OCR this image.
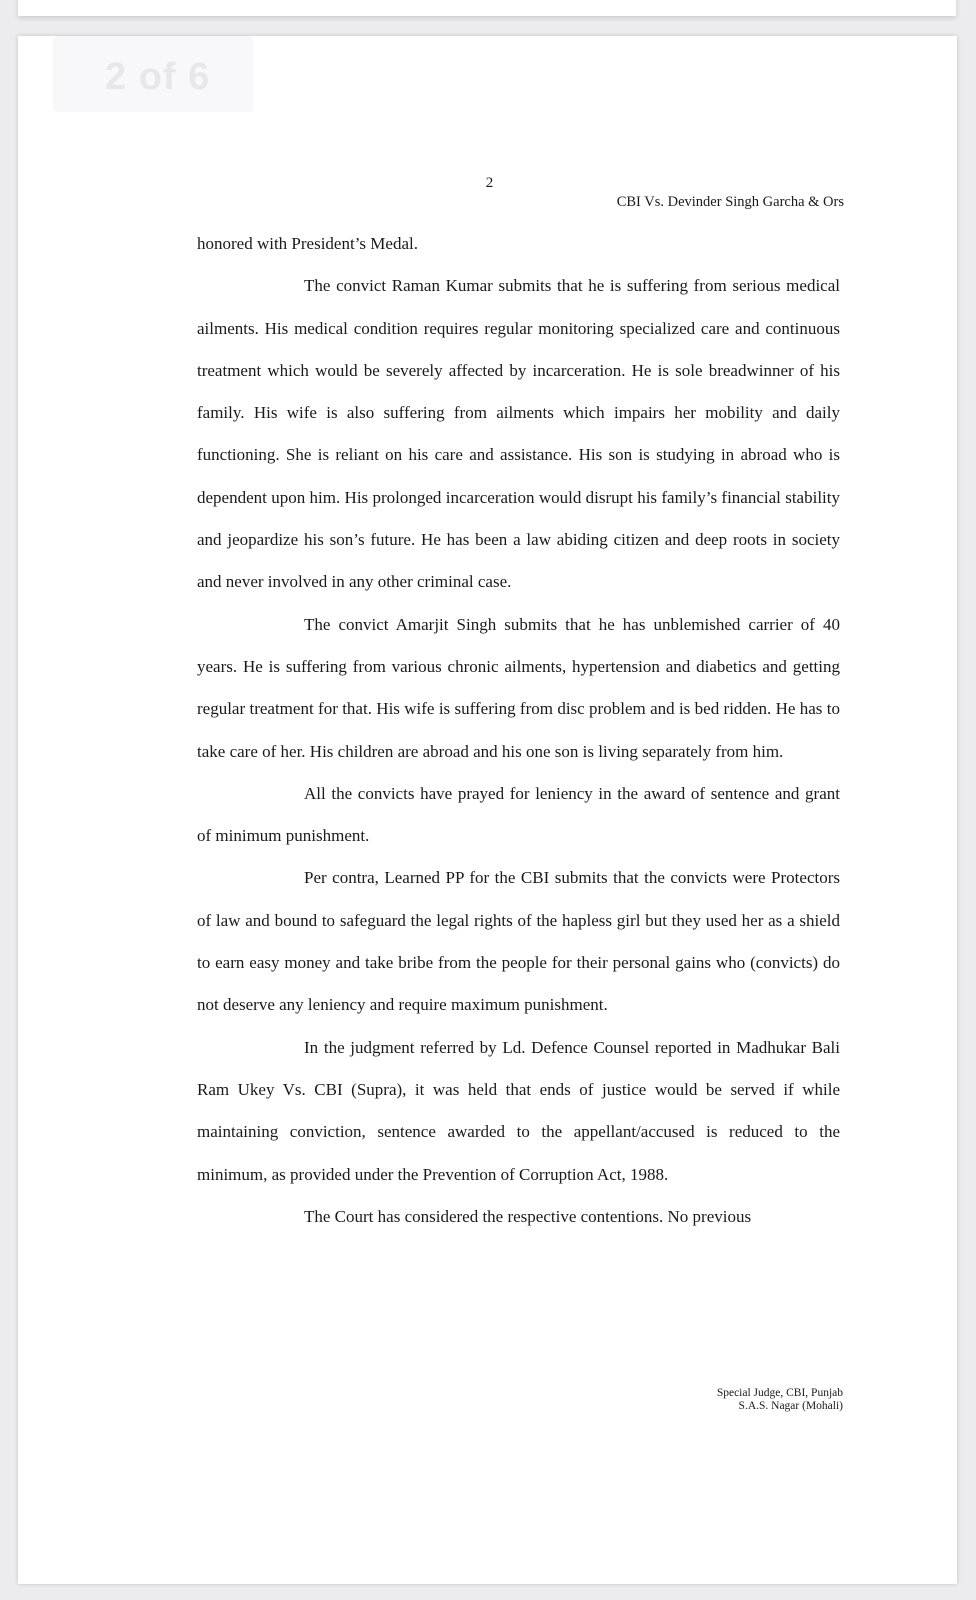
2 of 6
2
CBI Vs. Devinder Singh Garcha & Ors

honored with President’s Medal.

The convict Raman Kumar submits that he is suffering from serious medical ailments. His medical condition requires regular monitoring specialized care and continuous treatment which would be severely affected by incarceration. He is sole breadwinner of his family. His wife is also suffering from ailments which impairs her mobility and daily functioning. She is reliant on his care and assistance. His son is studying in abroad who is dependent upon him. His prolonged incarceration would disrupt his family’s financial stability and jeopardize his son’s future. He has been a law abiding citizen and deep roots in society and never involved in any other criminal case.

The convict Amarjit Singh submits that he has unblemished carrier of 40 years. He is suffering from various chronic ailments, hypertension and diabetics and getting regular treatment for that. His wife is suffering from disc problem and is bed ridden. He has to take care of her. His children are abroad and his one son is living separately from him.

All the convicts have prayed for leniency in the award of sentence and grant of minimum punishment.

Per contra, Learned PP for the CBI submits that the convicts were Protectors of law and bound to safeguard the legal rights of the hapless girl but they used her as a shield to earn easy money and take bribe from the people for their personal gains who (convicts) do not deserve any leniency and require maximum punishment.

In the judgment referred by Ld. Defence Counsel reported in Madhukar Bali Ram Ukey Vs. CBI (Supra), it was held that ends of justice would be served if while maintaining conviction, sentence awarded to the appellant/accused is reduced to the minimum, as provided under the Prevention of Corruption Act, 1988.

The Court has considered the respective contentions. No previous

Special Judge, CBI, Punjab
S.A.S. Nagar (Mohali)
